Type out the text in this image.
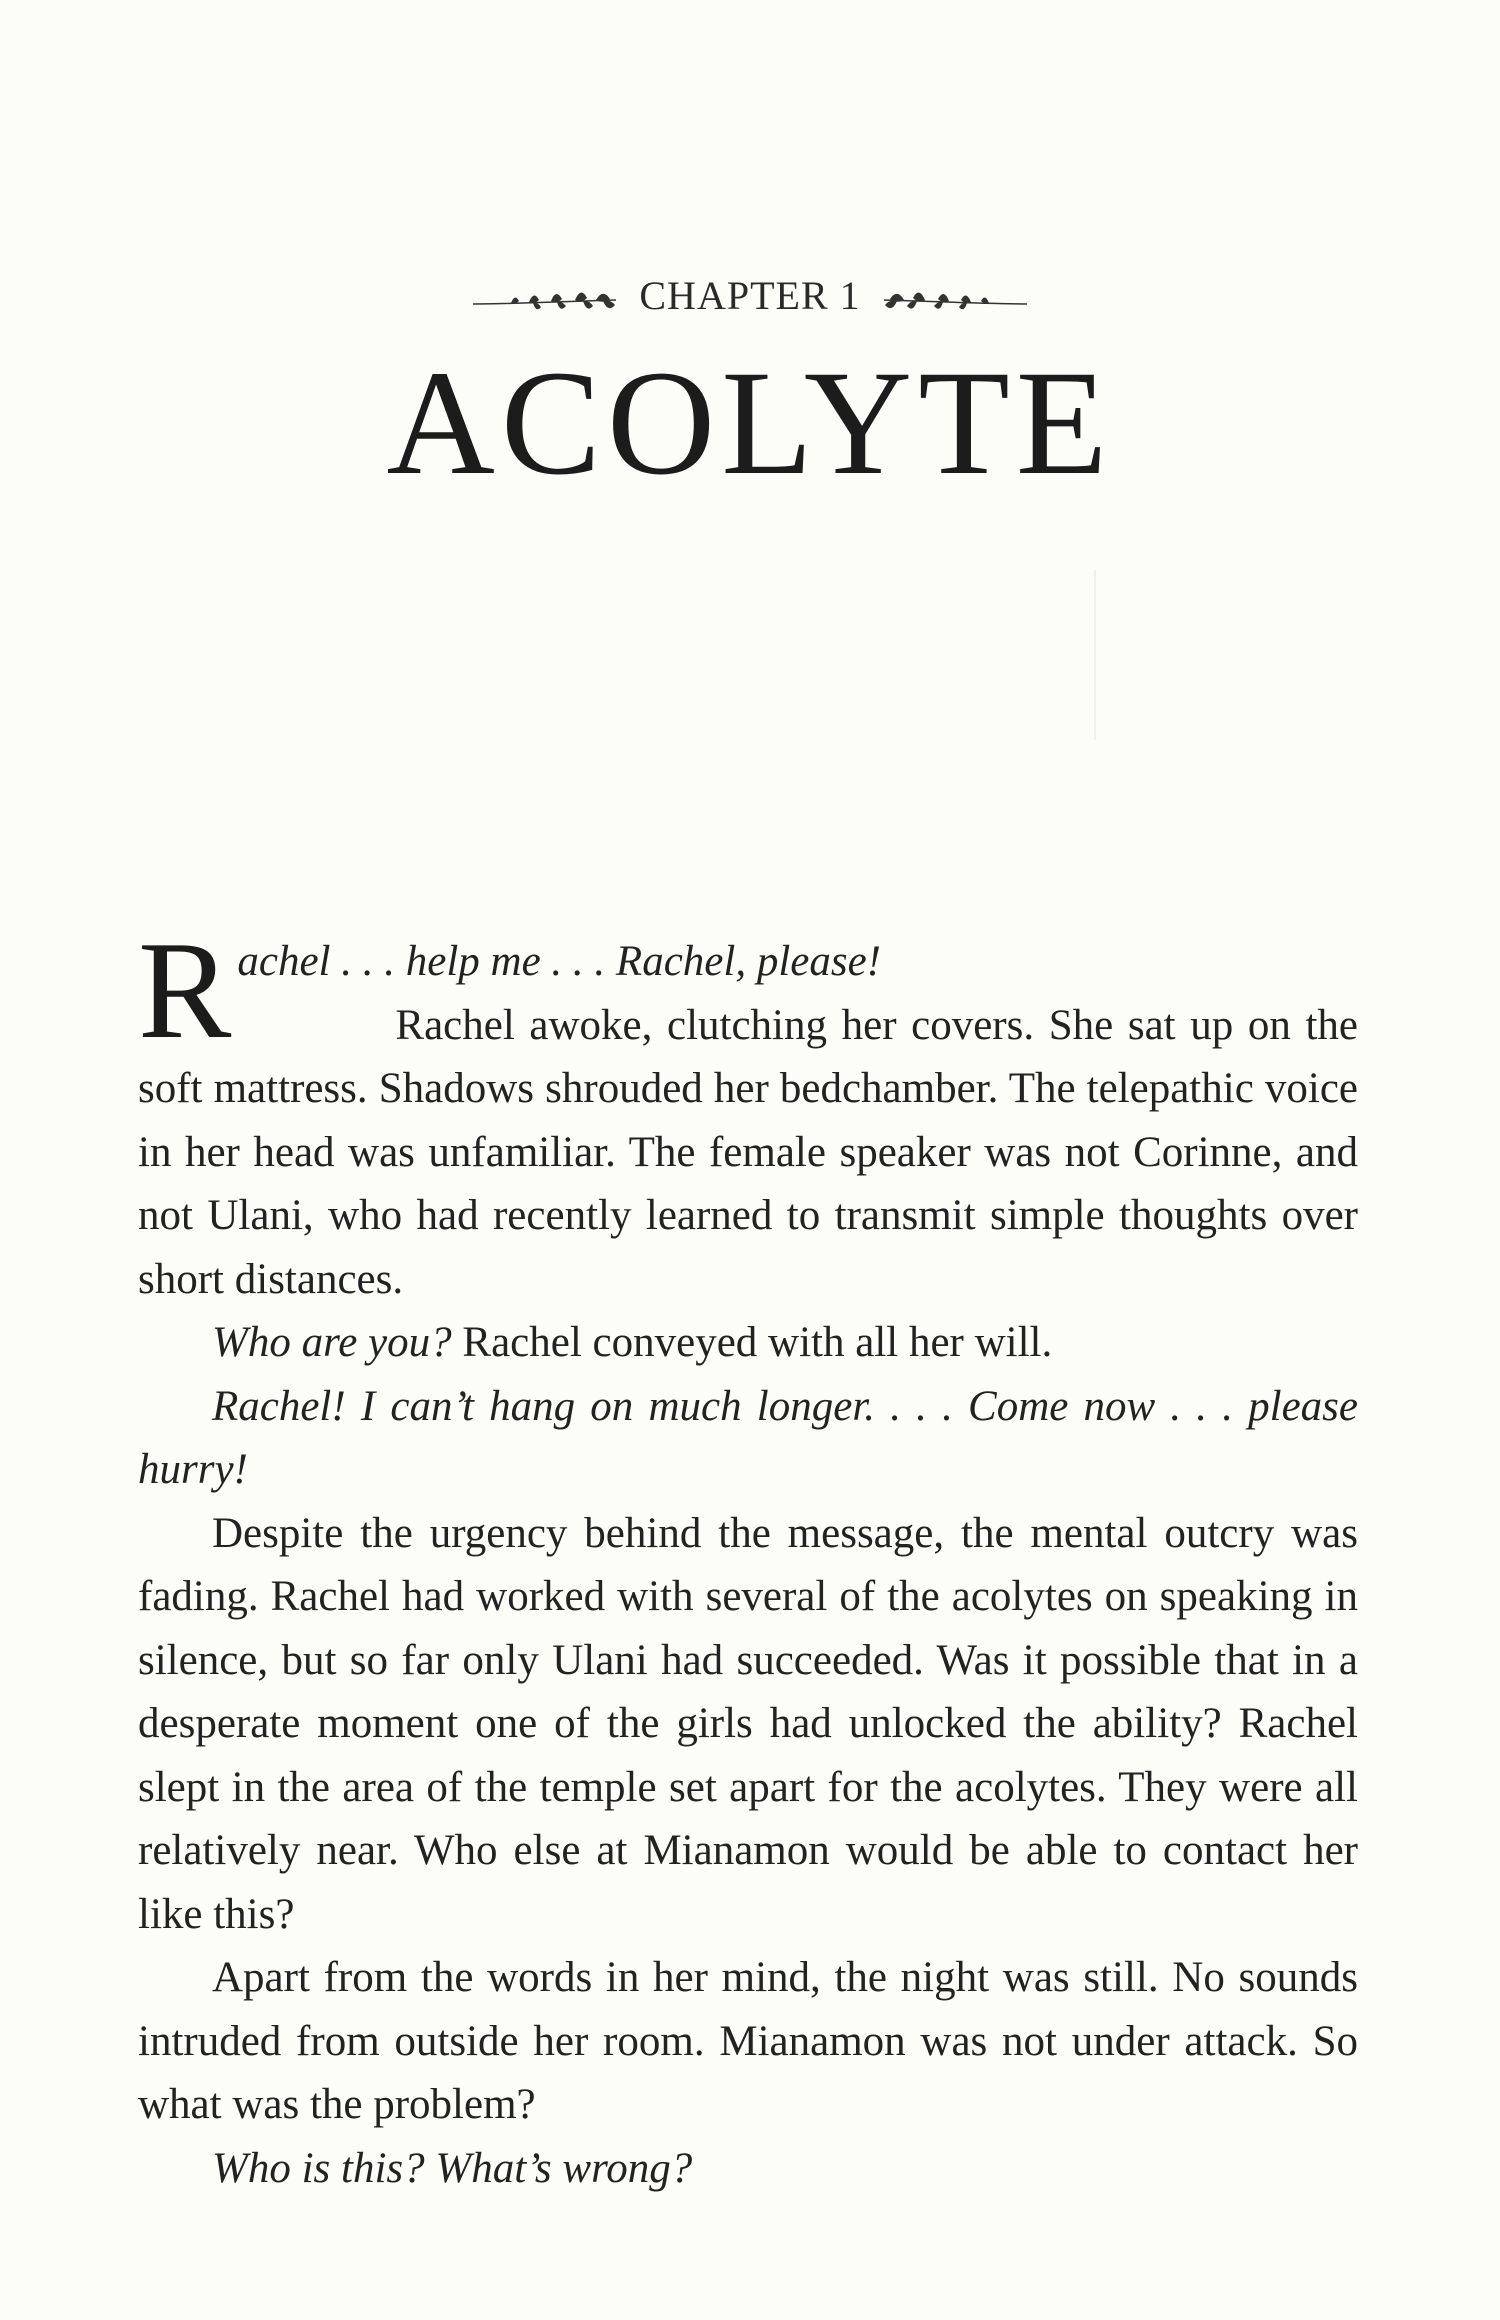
CHAPTER 1
ACOLYTE

Rachel . . . help me . . . Rachel, please!

Rachel awoke, clutching her covers. She sat up on the soft mattress. Shadows shrouded her bedchamber. The telepathic voice in her head was unfamiliar. The female speaker was not Corinne, and not Ulani, who had recently learned to transmit simple thoughts over short distances.

Who are you? Rachel conveyed with all her will.

Rachel! I can’t hang on much longer. . . . Come now . . . please hurry!

Despite the urgency behind the message, the mental outcry was fading. Rachel had worked with several of the acolytes on speaking in silence, but so far only Ulani had succeeded. Was it possible that in a desperate moment one of the girls had unlocked the ability? Rachel slept in the area of the temple set apart for the acolytes. They were all relatively near. Who else at Mianamon would be able to contact her like this?

Apart from the words in her mind, the night was still. No sounds intruded from outside her room. Mianamon was not under attack. So what was the problem?

Who is this? What’s wrong?
